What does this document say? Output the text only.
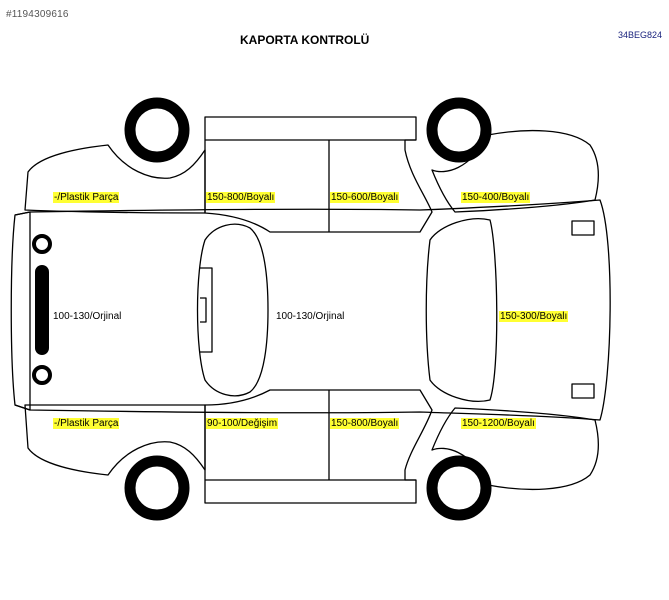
#1194309616
KAPORTA KONTROLÜ	34BEG824
-/Plastik Parça	150-800/Boyalı	150-600/Boyalı	150-400/Boyalı
100-130/Orjinal	100-130/Orjinal	150-300/Boyalı
-/Plastik Parça	90-100/Değişim	150-800/Boyalı	150-1200/Boyalı
